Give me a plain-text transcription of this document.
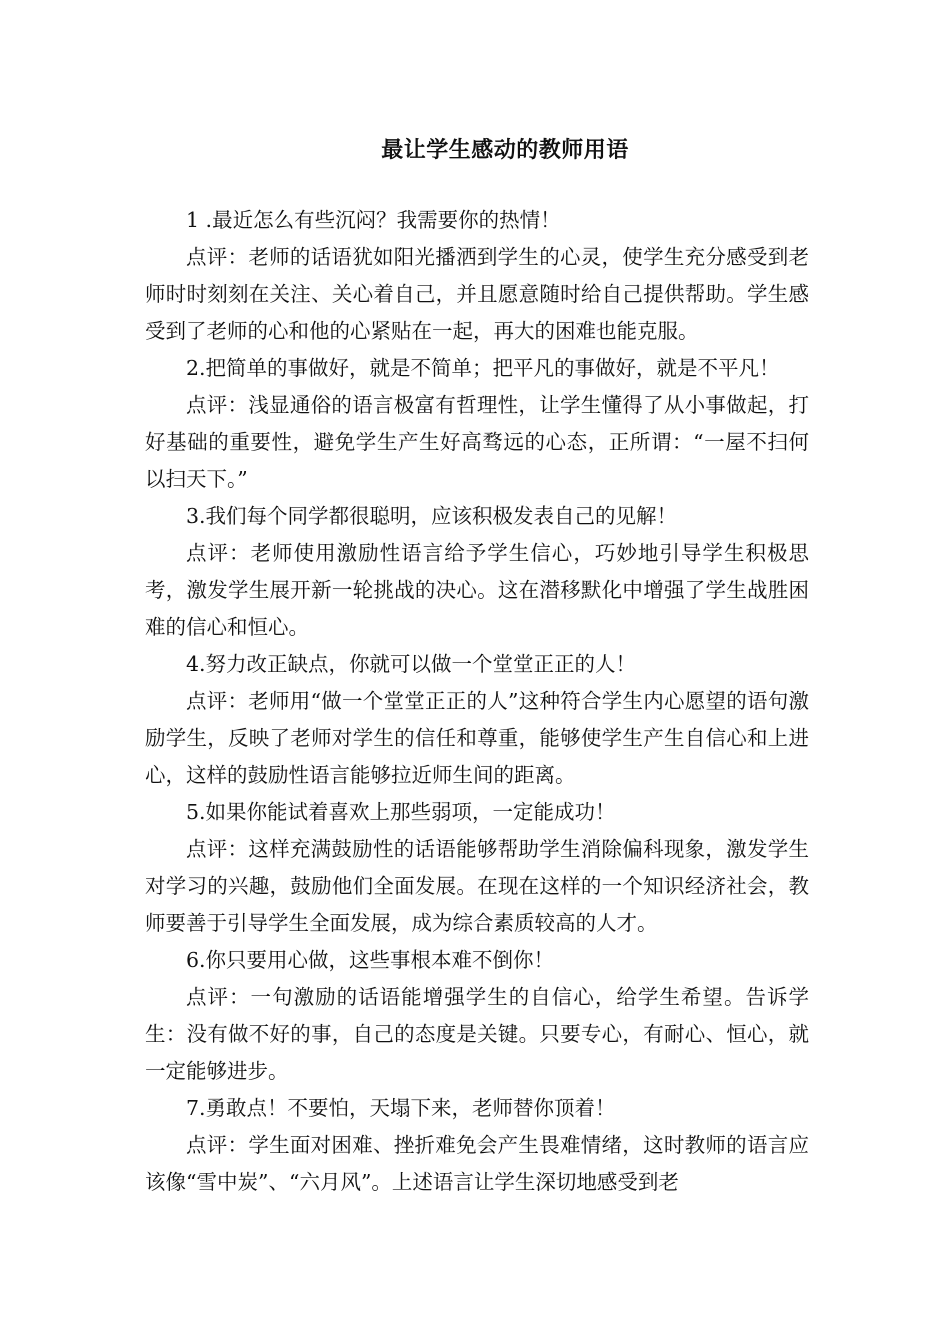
最让学生感动的教师用语

1 .最近怎么有些沉闷？我需要你的热情！

点评：老师的话语犹如阳光播洒到学生的心灵，使学生充分感受到老师时时刻刻在关注、关心着自己，并且愿意随时给自己提供帮助。学生感受到了老师的心和他的心紧贴在一起，再大的困难也能克服。

2.把简单的事做好，就是不简单；把平凡的事做好，就是不平凡！

点评：浅显通俗的语言极富有哲理性，让学生懂得了从小事做起，打好基础的重要性，避免学生产生好高骛远的心态，正所谓：“一屋不扫何以扫天下。”

3.我们每个同学都很聪明，应该积极发表自己的见解！

点评：老师使用激励性语言给予学生信心，巧妙地引导学生积极思考，激发学生展开新一轮挑战的决心。这在潜移默化中增强了学生战胜困难的信心和恒心。

4.努力改正缺点，你就可以做一个堂堂正正的人！

点评：老师用“做一个堂堂正正的人”这种符合学生内心愿望的语句激励学生，反映了老师对学生的信任和尊重，能够使学生产生自信心和上进心，这样的鼓励性语言能够拉近师生间的距离。

5.如果你能试着喜欢上那些弱项，一定能成功！

点评：这样充满鼓励性的话语能够帮助学生消除偏科现象，激发学生对学习的兴趣，鼓励他们全面发展。在现在这样的一个知识经济社会，教师要善于引导学生全面发展，成为综合素质较高的人才。

6.你只要用心做，这些事根本难不倒你！

点评：一句激励的话语能增强学生的自信心，给学生希望。告诉学生：没有做不好的事，自己的态度是关键。只要专心，有耐心、恒心，就一定能够进步。

7.勇敢点！不要怕，天塌下来，老师替你顶着！

点评：学生面对困难、挫折难免会产生畏难情绪，这时教师的语言应该像“雪中炭”、“六月风”。上述语言让学生深切地感受到老
